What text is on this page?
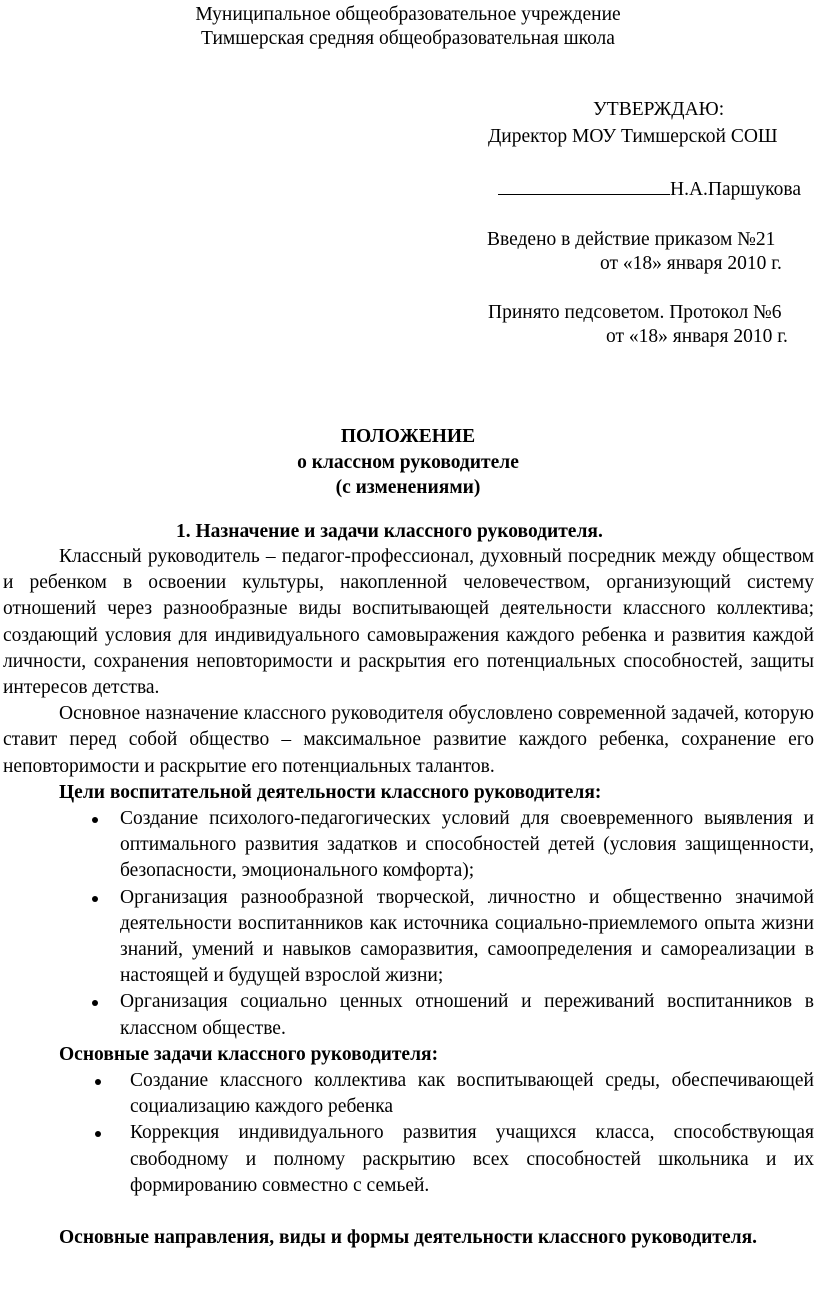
Муниципальное общеобразовательное учреждение
Тимшерская средняя общеобразовательная школа
УТВЕРЖДАЮ:
Директор МОУ Тимшерской СОШ
Н.А.Паршукова
Введено в действие приказом №21
от «18» января 2010 г.
Принято педсоветом. Протокол №6
от «18» января 2010 г.
ПОЛОЖЕНИЕ
о классном руководителе
(с изменениями)
1. Назначение и задачи классного руководителя.

Классный руководитель – педагог-профессионал, духовный посредник между обществом и ребенком в освоении культуры, накопленной человечеством, организующий систему отношений через разнообразные виды воспитывающей деятельности классного коллектива; создающий условия для индивидуального самовыражения каждого ребенка и развития каждой личности, сохранения неповторимости и раскрытия его потенциальных способностей, защиты интересов детства.

Основное назначение классного руководителя обусловлено современной задачей, которую ставит перед собой общество – максимальное развитие каждого ребенка, сохранение его неповторимости и раскрытие его потенциальных талантов.

Цели воспитательной деятельности классного руководителя:

Создание психолого-педагогических условий для своевременного выявления и оптимального развития задатков и способностей детей (условия защищенности, безопасности, эмоционального комфорта);
Организация разнообразной творческой, личностно и общественно значимой деятельности воспитанников как источника социально-приемлемого опыта жизни знаний, умений и навыков саморазвития, самоопределения и самореализации в настоящей и будущей взрослой жизни;
Организация социально ценных отношений и переживаний воспитанников в классном обществе.

Основные задачи классного руководителя:

Создание классного коллектива как воспитывающей среды, обеспечивающей социализацию каждого ребенка
Коррекция индивидуального развития учащихся класса, способствующая свободному и полному раскрытию всех способностей школьника и их формированию совместно с семьей.

Основные направления, виды и формы деятельности классного руководителя.
